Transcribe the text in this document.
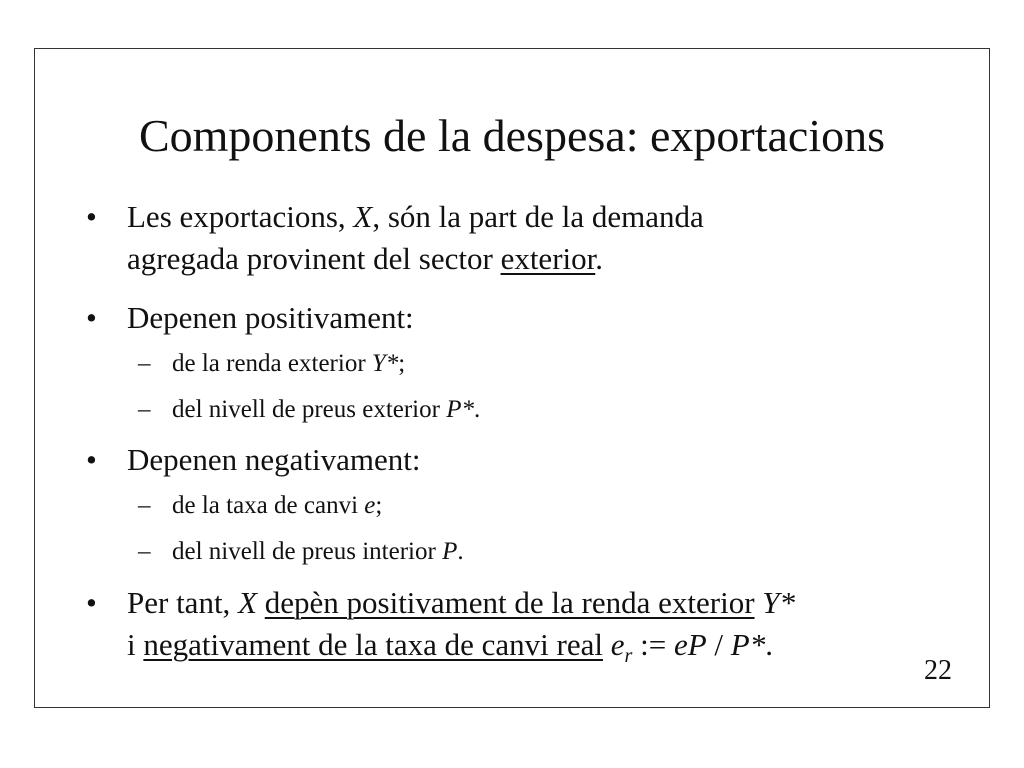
Components de la despesa: exportacions
• Les exportacions, X, són la part de la demanda
agregada provinent del sector exterior.
• Depenen positivament:
– de la renda exterior Y*;
– del nivell de preus exterior P*.
• Depenen negativament:
– de la taxa de canvi e;
– del nivell de preus interior P.
• Per tant, X depèn positivament de la renda exterior Y*
i negativament de la taxa de canvi real $e_r$ := eP / P*.
22
